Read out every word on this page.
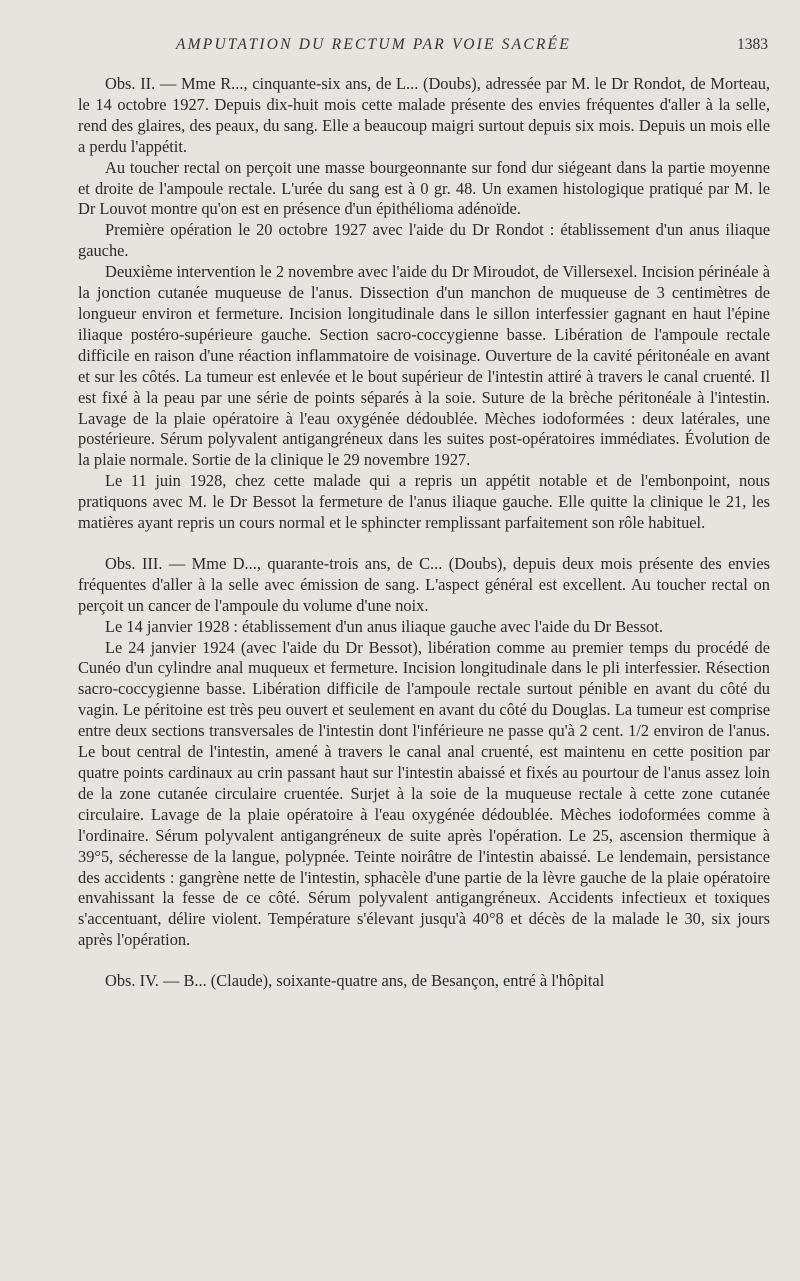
AMPUTATION DU RECTUM PAR VOIE SACRÉE	1383

Obs. II. — Mme R..., cinquante-six ans, de L... (Doubs), adressée par M. le Dr Rondot, de Morteau, le 14 octobre 1927. Depuis dix-huit mois cette malade présente des envies fréquentes d'aller à la selle, rend des glaires, des peaux, du sang. Elle a beaucoup maigri surtout depuis six mois. Depuis un mois elle a perdu l'appétit.

Au toucher rectal on perçoit une masse bourgeonnante sur fond dur siégeant dans la partie moyenne et droite de l'ampoule rectale. L'urée du sang est à 0 gr. 48. Un examen histologique pratiqué par M. le Dr Louvot montre qu'on est en présence d'un épithélioma adénoïde.

Première opération le 20 octobre 1927 avec l'aide du Dr Rondot : établissement d'un anus iliaque gauche.

Deuxième intervention le 2 novembre avec l'aide du Dr Miroudot, de Villersexel. Incision périnéale à la jonction cutanée muqueuse de l'anus. Dissection d'un manchon de muqueuse de 3 centimètres de longueur environ et fermeture. Incision longitudinale dans le sillon interfessier gagnant en haut l'épine iliaque postéro-supérieure gauche. Section sacro-coccygienne basse. Libération de l'ampoule rectale difficile en raison d'une réaction inflammatoire de voisinage. Ouverture de la cavité péritonéale en avant et sur les côtés. La tumeur est enlevée et le bout supérieur de l'intestin attiré à travers le canal cruenté. Il est fixé à la peau par une série de points séparés à la soie. Suture de la brèche péritonéale à l'intestin. Lavage de la plaie opératoire à l'eau oxygénée dédoublée. Mèches iodoformées : deux latérales, une postérieure. Sérum polyvalent antigangréneux dans les suites post-opératoires immédiates. Évolution de la plaie normale. Sortie de la clinique le 29 novembre 1927.

Le 11 juin 1928, chez cette malade qui a repris un appétit notable et de l'embonpoint, nous pratiquons avec M. le Dr Bessot la fermeture de l'anus iliaque gauche. Elle quitte la clinique le 21, les matières ayant repris un cours normal et le sphincter remplissant parfaitement son rôle habituel.

Obs. III. — Mme D..., quarante-trois ans, de C... (Doubs), depuis deux mois présente des envies fréquentes d'aller à la selle avec émission de sang. L'aspect général est excellent. Au toucher rectal on perçoit un cancer de l'ampoule du volume d'une noix.

Le 14 janvier 1928 : établissement d'un anus iliaque gauche avec l'aide du Dr Bessot.

Le 24 janvier 1924 (avec l'aide du Dr Bessot), libération comme au premier temps du procédé de Cunéo d'un cylindre anal muqueux et fermeture. Incision longitudinale dans le pli interfessier. Résection sacro-coccygienne basse. Libération difficile de l'ampoule rectale surtout pénible en avant du côté du vagin. Le péritoine est très peu ouvert et seulement en avant du côté du Douglas. La tumeur est comprise entre deux sections transversales de l'intestin dont l'inférieure ne passe qu'à 2 cent. 1/2 environ de l'anus. Le bout central de l'intestin, amené à travers le canal anal cruenté, est maintenu en cette position par quatre points cardinaux au crin passant haut sur l'intestin abaissé et fixés au pourtour de l'anus assez loin de la zone cutanée circulaire cruentée. Surjet à la soie de la muqueuse rectale à cette zone cutanée circulaire. Lavage de la plaie opératoire à l'eau oxygénée dédoublée. Mèches iodoformées comme à l'ordinaire. Sérum polyvalent antigangréneux de suite après l'opération. Le 25, ascension thermique à 39°5, sécheresse de la langue, polypnée. Teinte noirâtre de l'intestin abaissé. Le lendemain, persistance des accidents : gangrène nette de l'intestin, sphacèle d'une partie de la lèvre gauche de la plaie opératoire envahissant la fesse de ce côté. Sérum polyvalent antigangréneux. Accidents infectieux et toxiques s'accentuant, délire violent. Température s'élevant jusqu'à 40°8 et décès de la malade le 30, six jours après l'opération.

Obs. IV. — B... (Claude), soixante-quatre ans, de Besançon, entré à l'hôpital
